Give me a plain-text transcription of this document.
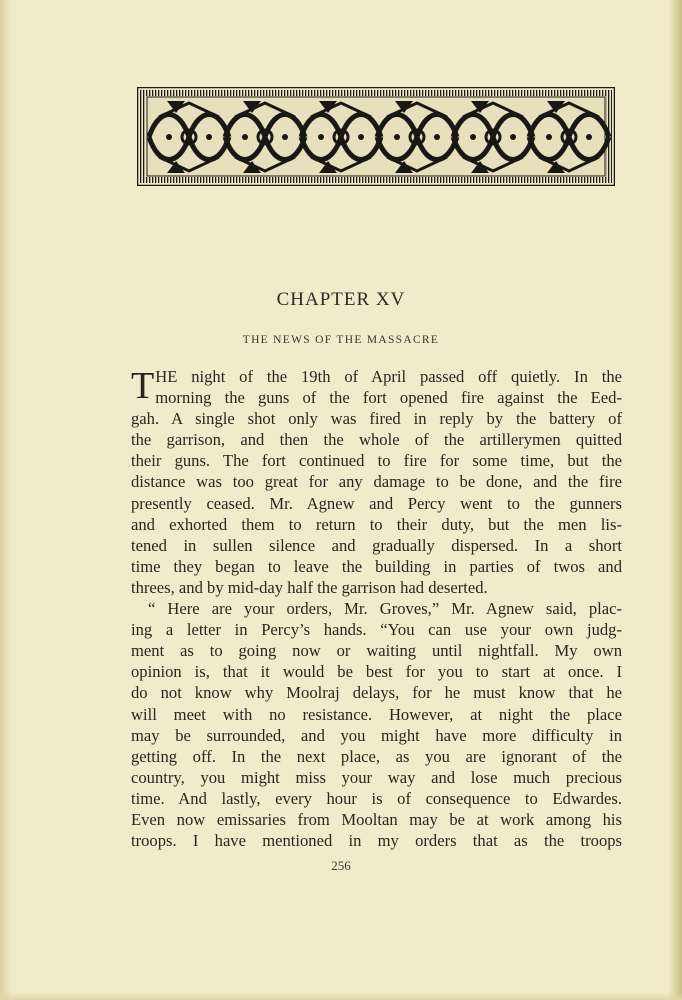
CHAPTER XV
THE NEWS OF THE MASSACRE
T HE night of the 19th of April passed off quietly. In the
morning the guns of the fort opened fire against the Eed-
gah. A single shot only was fired in reply by the battery of
the garrison, and then the whole of the artillerymen quitted
their guns. The fort continued to fire for some time, but the
distance was too great for any damage to be done, and the fire
presently ceased. Mr. Agnew and Percy went to the gunners
and exhorted them to return to their duty, but the men lis-
tened in sullen silence and gradually dispersed. In a short
time they began to leave the building in parties of twos and
threes, and by mid-day half the garrison had deserted.
“ Here are your orders, Mr. Groves,” Mr. Agnew said, plac-
ing a letter in Percy’s hands. “You can use your own judg-
ment as to going now or waiting until nightfall. My own
opinion is, that it would be best for you to start at once. I
do not know why Moolraj delays, for he must know that he
will meet with no resistance. However, at night the place
may be surrounded, and you might have more difficulty in
getting off. In the next place, as you are ignorant of the
country, you might miss your way and lose much precious
time. And lastly, every hour is of consequence to Edwardes.
Even now emissaries from Mooltan may be at work among his
troops. I have mentioned in my orders that as the troops
256
